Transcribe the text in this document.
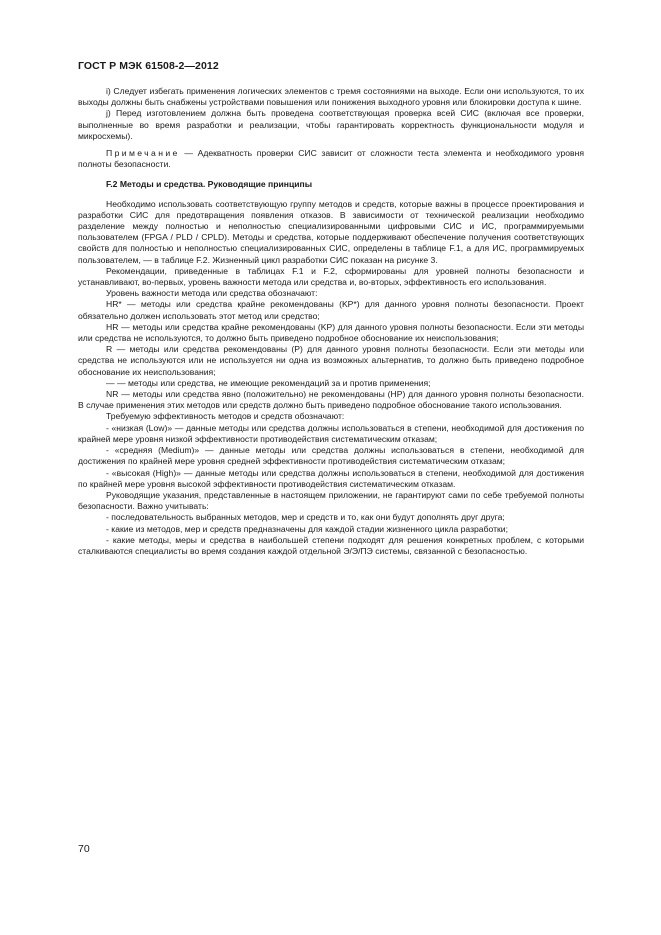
ГОСТ Р МЭК 61508-2—2012

i) Следует избегать применения логических элементов с тремя состояниями на выходе. Если они используются, то их выходы должны быть снабжены устройствами повышения или понижения выходного уровня или блокировки доступа к шине.

j) Перед изготовлением должна быть проведена соответствующая проверка всей СИС (включая все проверки, выполненные во время разработки и реализации, чтобы гарантировать корректность функциональности модуля и микросхемы).

Примечание — Адекватность проверки СИС зависит от сложности теста элемента и необходимого уровня полноты безопасности.

F.2 Методы и средства. Руководящие принципы

Необходимо использовать соответствующую группу методов и средств, которые важны в процессе проектирования и разработки СИС для предотвращения появления отказов. В зависимости от технической реализации необходимо разделение между полностью и неполностью специализированными цифровыми СИС и ИС, программируемыми пользователем (FPGA / PLD / CPLD). Методы и средства, которые поддерживают обеспечение получения соответствующих свойств для полностью и неполностью специализированных СИС, определены в таблице F.1, а для ИС, программируемых пользователем, — в таблице F.2. Жизненный цикл разработки СИС показан на рисунке 3.

Рекомендации, приведенные в таблицах F.1 и F.2, сформированы для уровней полноты безопасности и устанавливают, во-первых, уровень важности метода или средства и, во-вторых, эффективность его использования.

Уровень важности метода или средства обозначают:

HR* — методы или средства крайне рекомендованы (KP*) для данного уровня полноты безопасности. Проект обязательно должен использовать этот метод или средство;

HR — методы или средства крайне рекомендованы (KP) для данного уровня полноты безопасности. Если эти методы или средства не используются, то должно быть приведено подробное обоснование их неиспользования;

R — методы или средства рекомендованы (P) для данного уровня полноты безопасности. Если эти методы или средства не используются или не используется ни одна из возможных альтернатив, то должно быть приведено подробное обоснование их неиспользования;

— — методы или средства, не имеющие рекомендаций за и против применения;

NR — методы или средства явно (положительно) не рекомендованы (HP) для данного уровня полноты безопасности. В случае применения этих методов или средств должно быть приведено подробное обоснование такого использования.

Требуемую эффективность методов и средств обозначают:

- «низкая (Low)» — данные методы или средства должны использоваться в степени, необходимой для достижения по крайней мере уровня низкой эффективности противодействия систематическим отказам;

- «средняя (Medium)» — данные методы или средства должны использоваться в степени, необходимой для достижения по крайней мере уровня средней эффективности противодействия систематическим отказам;

- «высокая (High)» — данные методы или средства должны использоваться в степени, необходимой для достижения по крайней мере уровня высокой эффективности противодействия систематическим отказам.

Руководящие указания, представленные в настоящем приложении, не гарантируют сами по себе требуемой полноты безопасности. Важно учитывать:

- последовательность выбранных методов, мер и средств и то, как они будут дополнять друг друга;

- какие из методов, мер и средств предназначены для каждой стадии жизненного цикла разработки;

- какие методы, меры и средства в наибольшей степени подходят для решения конкретных проблем, с которыми сталкиваются специалисты во время создания каждой отдельной Э/Э/ПЭ системы, связанной с безопасностью.

70
